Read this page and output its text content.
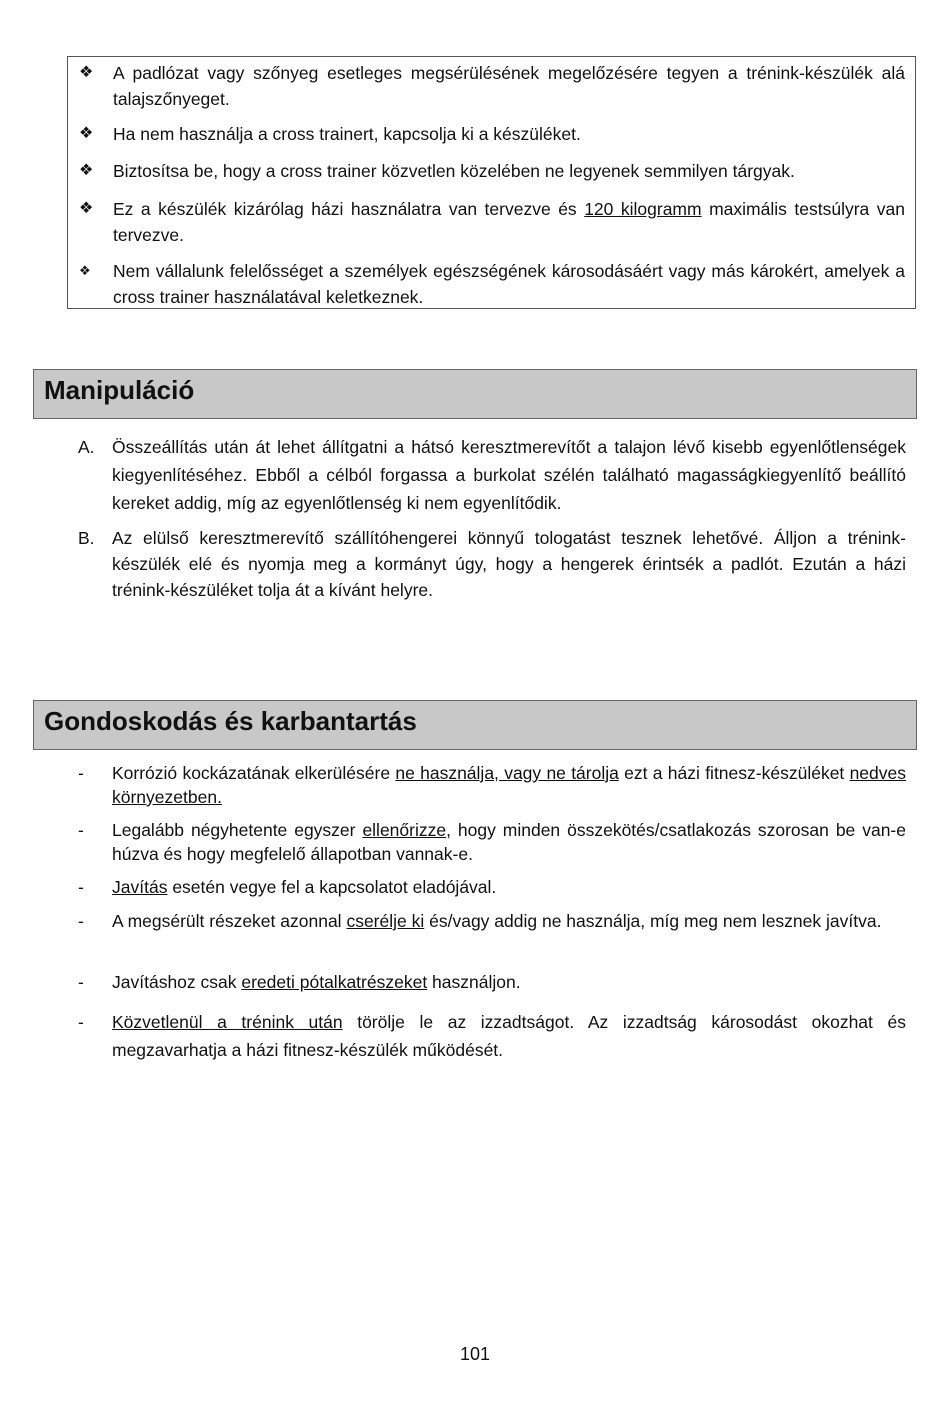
❖	A padlózat vagy szőnyeg esetleges megsérülésének megelőzésére tegyen a trénink-készülék alá talajszőnyeget.
❖	Ha nem használja a cross trainert, kapcsolja ki a készüléket.
❖	Biztosítsa be, hogy a cross trainer közvetlen közelében ne legyenek semmilyen tárgyak.
❖	Ez a készülék kizárólag házi használatra van tervezve és 120 kilogramm maximális testsúlyra van tervezve.
❖	Nem vállalunk felelősséget a személyek egészségének károsodásáért vagy más károkért, amelyek a cross trainer használatával keletkeznek.
Manipuláció
A. Összeállítás után át lehet állítgatni a hátsó keresztmerevítőt a talajon lévő kisebb egyenlőtlenségek kiegyenlítéséhez. Ebből a célból forgassa a burkolat szélén található magasságkiegyenlítő beállító kereket addig, míg az egyenlőtlenség ki nem egyenlítődik.
B. Az elülső keresztmerevítő szállítóhengerei könnyű tologatást tesznek lehetővé. Álljon a trénink-készülék elé és nyomja meg a kormányt úgy, hogy a hengerek érintsék a padlót. Ezután a házi trénink-készüléket tolja át a kívánt helyre.
Gondoskodás és karbantartás
-	Korrózió kockázatának elkerülésére ne használja, vagy ne tárolja ezt a házi fitnesz-készüléket nedves környezetben.
-	Legalább négyhetente egyszer ellenőrizze, hogy minden összekötés/csatlakozás szorosan be van-e húzva és hogy megfelelő állapotban vannak-e.
-	Javítás esetén vegye fel a kapcsolatot eladójával.
-	A megsérült részeket azonnal cserélje ki és/vagy addig ne használja, míg meg nem lesznek javítva.
-	Javításhoz csak eredeti pótalkatrészeket használjon.
-	Közvetlenül a trénink után törölje le az izzadtságot. Az izzadtság károsodást okozhat és megzavarhatja a házi fitnesz-készülék működését.
101
